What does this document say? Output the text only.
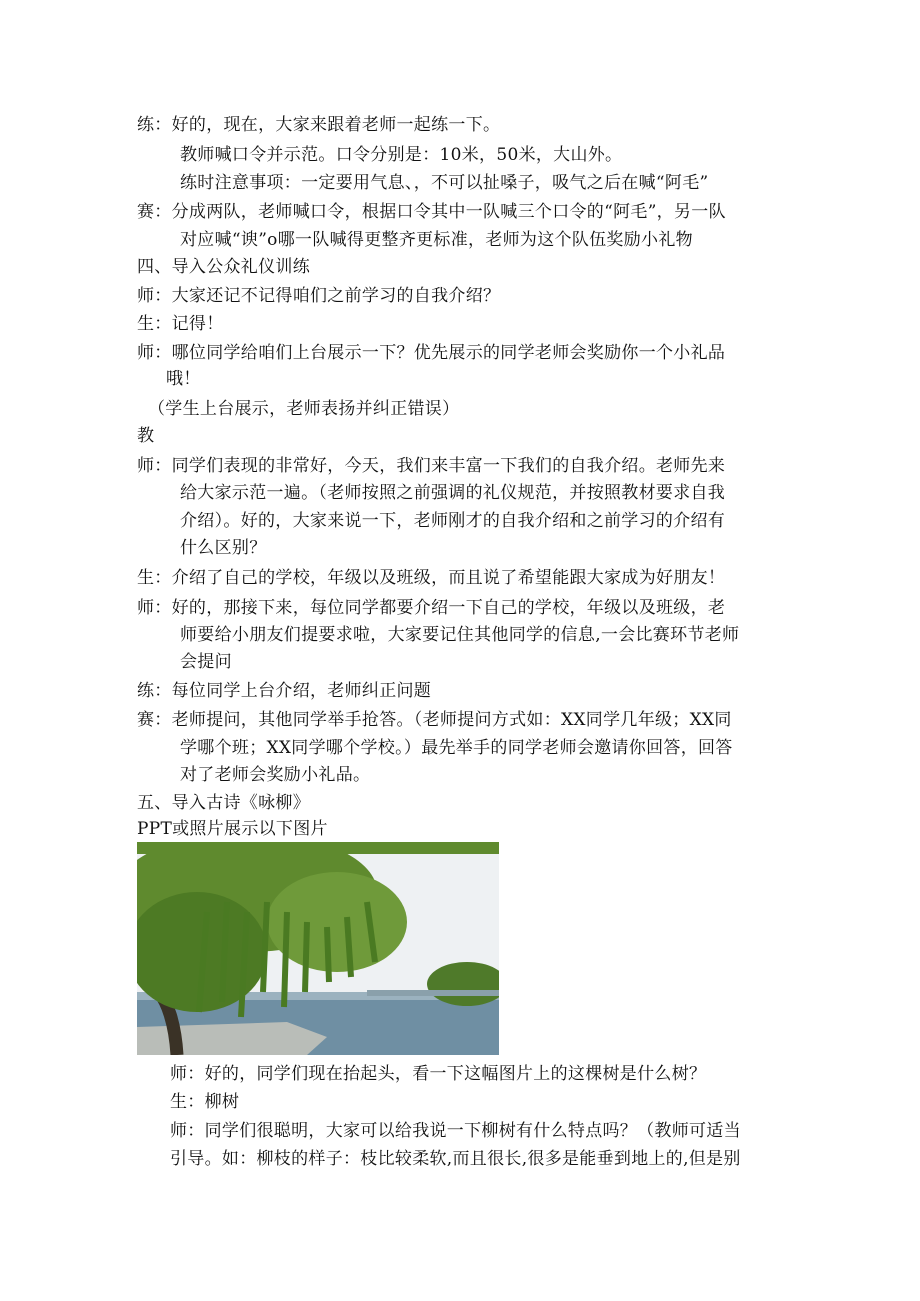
练：好的，现在，大家来跟着老师一起练一下。
教师喊口令并示范。口令分别是：10米，50米，大山外。
练时注意事项：一定要用气息、，不可以扯嗓子，吸气之后在喊“阿毛”
赛：分成两队，老师喊口令，根据口令其中一队喊三个口令的“阿毛”，另一队
对应喊“谀”o哪一队喊得更整齐更标准，老师为这个队伍奖励小礼物
四、导入公众礼仪训练
师：大家还记不记得咱们之前学习的自我介绍？
生：记得！
师：哪位同学给咱们上台展示一下？优先展示的同学老师会奖励你一个小礼品
哦！
（学生上台展示，老师表扬并纠正错误）
教
师：同学们表现的非常好，今天，我们来丰富一下我们的自我介绍。老师先来
给大家示范一遍。（老师按照之前强调的礼仪规范，并按照教材要求自我
介绍）。好的，大家来说一下，老师刚才的自我介绍和之前学习的介绍有
什么区别？
生：介绍了自己的学校，年级以及班级，而且说了希望能跟大家成为好朋友！
师：好的，那接下来，每位同学都要介绍一下自己的学校，年级以及班级，老
师要给小朋友们提要求啦，大家要记住其他同学的信息,一会比赛环节老师
会提问
练：每位同学上台介绍，老师纠正问题
赛：老师提问，其他同学举手抢答。（老师提问方式如：XX同学几年级；XX同
学哪个班；XX同学哪个学校。）最先举手的同学老师会邀请你回答，回答
对了老师会奖励小礼品。
五、导入古诗《咏柳》
PPT或照片展示以下图片
师：好的，同学们现在抬起头，看一下这幅图片上的这棵树是什么树？
生：柳树
师：同学们很聪明，大家可以给我说一下柳树有什么特点吗？（教师可适当
引导。如：柳枝的样子：枝比较柔软,而且很长,很多是能垂到地上的,但是别
